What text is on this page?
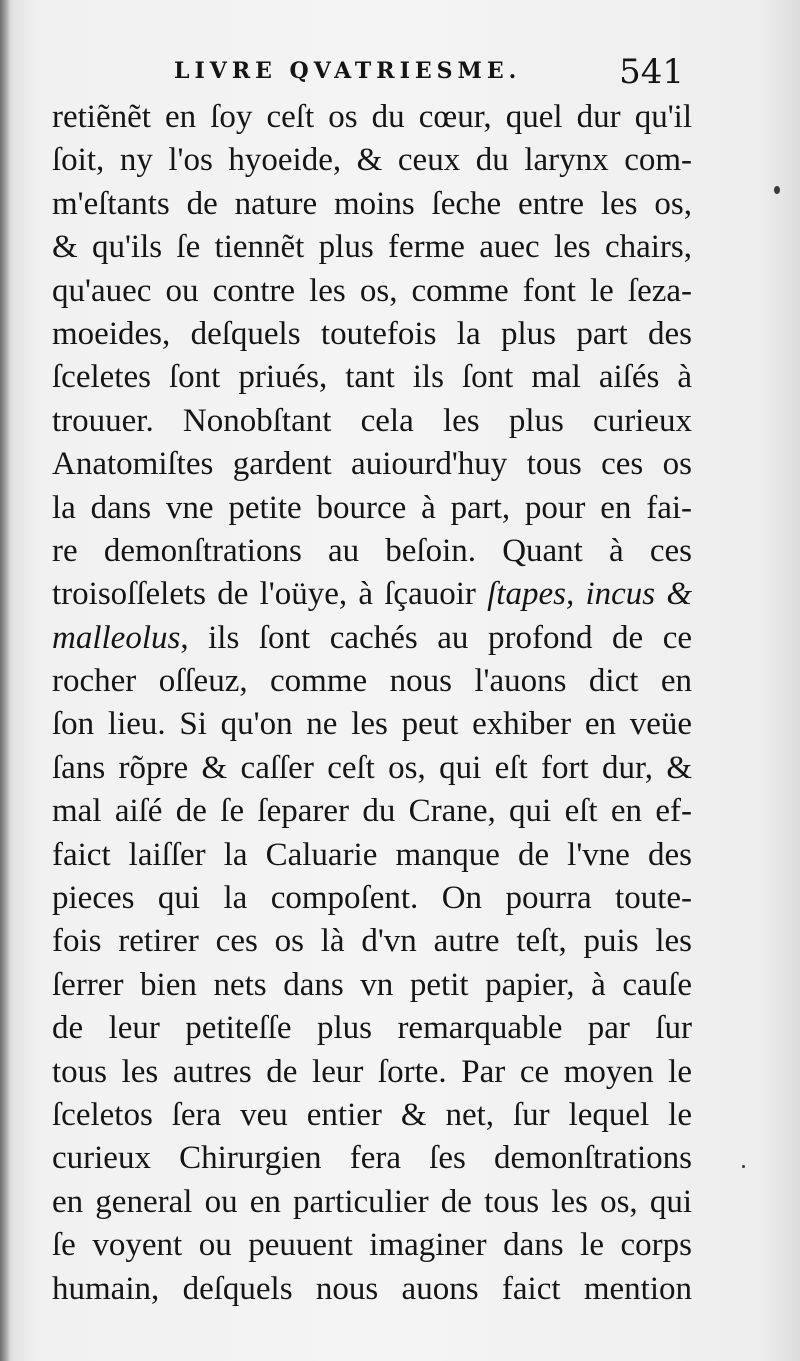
LIVRE QVATRIESME.	541
retiẽnẽt en ſoy ceſt os du cœur, quel dur qu'il
ſoit, ny l'os hyoeide, & ceux du larynx com-
m'eſtants de nature moins ſeche entre les os,
& qu'ils ſe tiennẽt plus ferme auec les chairs,
qu'auec ou contre les os, comme font le ſeza-
moeides, deſquels toutefois la plus part des
ſceletes ſont priués, tant ils ſont mal aiſés à
trouuer. Nonobſtant cela les plus curieux
Anatomiſtes gardent auiourd'huy tous ces os
la dans vne petite bource à part, pour en fai-
re demonſtrations au beſoin. Quant à ces
troisoſſelets de l'oüye, à ſçauoir ſtapes, incus &
malleolus, ils ſont cachés au profond de ce
rocher oſſeuz, comme nous l'auons dict en
ſon lieu. Si qu'on ne les peut exhiber en veüe
ſans rõpre & caſſer ceſt os, qui eſt fort dur, &
mal aiſé de ſe ſeparer du Crane, qui eſt en ef-
faict laiſſer la Caluarie manque de l'vne des
pieces qui la compoſent. On pourra toute-
fois retirer ces os là d'vn autre teſt, puis les
ſerrer bien nets dans vn petit papier, à cauſe
de leur petiteſſe plus remarquable par ſur
tous les autres de leur ſorte. Par ce moyen le
ſceletos ſera veu entier & net, ſur lequel le
curieux Chirurgien fera ſes demonſtrations
en general ou en particulier de tous les os, qui
ſe voyent ou peuuent imaginer dans le corps
humain, deſquels nous auons faict mention
